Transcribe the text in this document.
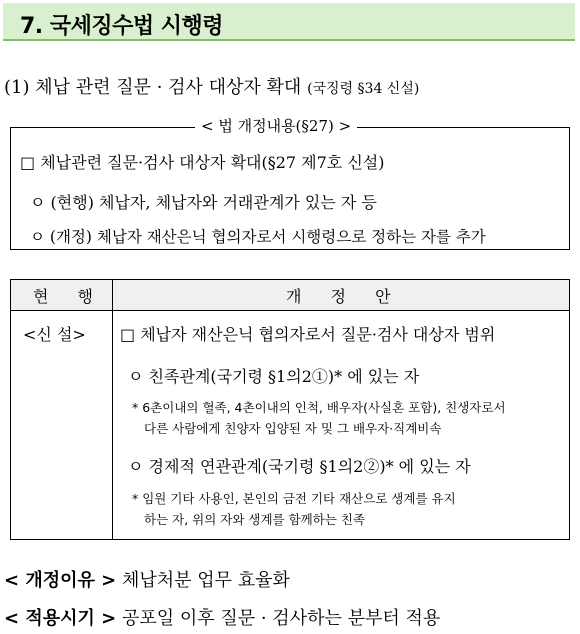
7. 국세징수법 시행령
(1) 체납 관련 질문 · 검사 대상자 확대 (국징령 §34 신설)
< 법 개정내용(§27) >
□ 체납관련 질문·검사 대상자 확대(§27 제7호 신설)
ㅇ (현행) 체납자, 체납자와 거래관계가 있는 자 등
ㅇ (개정) 체납자 재산은닉 협의자로서 시행령으로 정하는 자를 추가
현 행	개 정 안
<신 설> □ 체납자 재산은닉 협의자로서 질문·검사 대상자 범위
ㅇ 친족관계(국기령 §1의2①)* 에 있는 자
* 6촌이내의 혈족, 4촌이내의 인척, 배우자(사실혼 포함), 친생자로서
다른 사람에게 친양자 입양된 자 및 그 배우자·직계비속
ㅇ 경제적 연관관계(국기령 §1의2②)* 에 있는 자
* 임원 기타 사용인, 본인의 금전 기타 재산으로 생계를 유지
하는 자, 위의 자와 생계를 함께하는 친족
< 개정이유 > 체납처분 업무 효율화
< 적용시기 > 공포일 이후 질문 · 검사하는 분부터 적용
